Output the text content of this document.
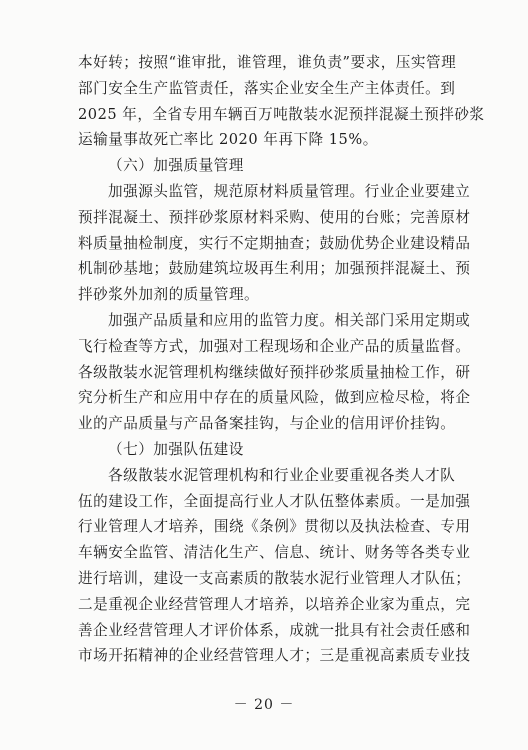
本好转；按照“谁审批，谁管理，谁负责”要求，压实管理
部门安全生产监管责任，落实企业安全生产主体责任。到
2025 年，全省专用车辆百万吨散装水泥预拌混凝土预拌砂浆
运输量事故死亡率比 2020 年再下降 15%。
（六）加强质量管理
加强源头监管，规范原材料质量管理。行业企业要建立
预拌混凝土、预拌砂浆原材料采购、使用的台账；完善原材
料质量抽检制度，实行不定期抽查；鼓励优势企业建设精品
机制砂基地；鼓励建筑垃圾再生利用；加强预拌混凝土、预
拌砂浆外加剂的质量管理。
加强产品质量和应用的监管力度。相关部门采用定期或
飞行检查等方式，加强对工程现场和企业产品的质量监督。
各级散装水泥管理机构继续做好预拌砂浆质量抽检工作，研
究分析生产和应用中存在的质量风险，做到应检尽检，将企
业的产品质量与产品备案挂钩，与企业的信用评价挂钩。
（七）加强队伍建设
各级散装水泥管理机构和行业企业要重视各类人才队
伍的建设工作，全面提高行业人才队伍整体素质。一是加强
行业管理人才培养，围绕《条例》贯彻以及执法检查、专用
车辆安全监管、清洁化生产、信息、统计、财务等各类专业
进行培训，建设一支高素质的散装水泥行业管理人才队伍；
二是重视企业经营管理人才培养，以培养企业家为重点，完
善企业经营管理人才评价体系，成就一批具有社会责任感和
市场开拓精神的企业经营管理人才；三是重视高素质专业技
－ 20 －
